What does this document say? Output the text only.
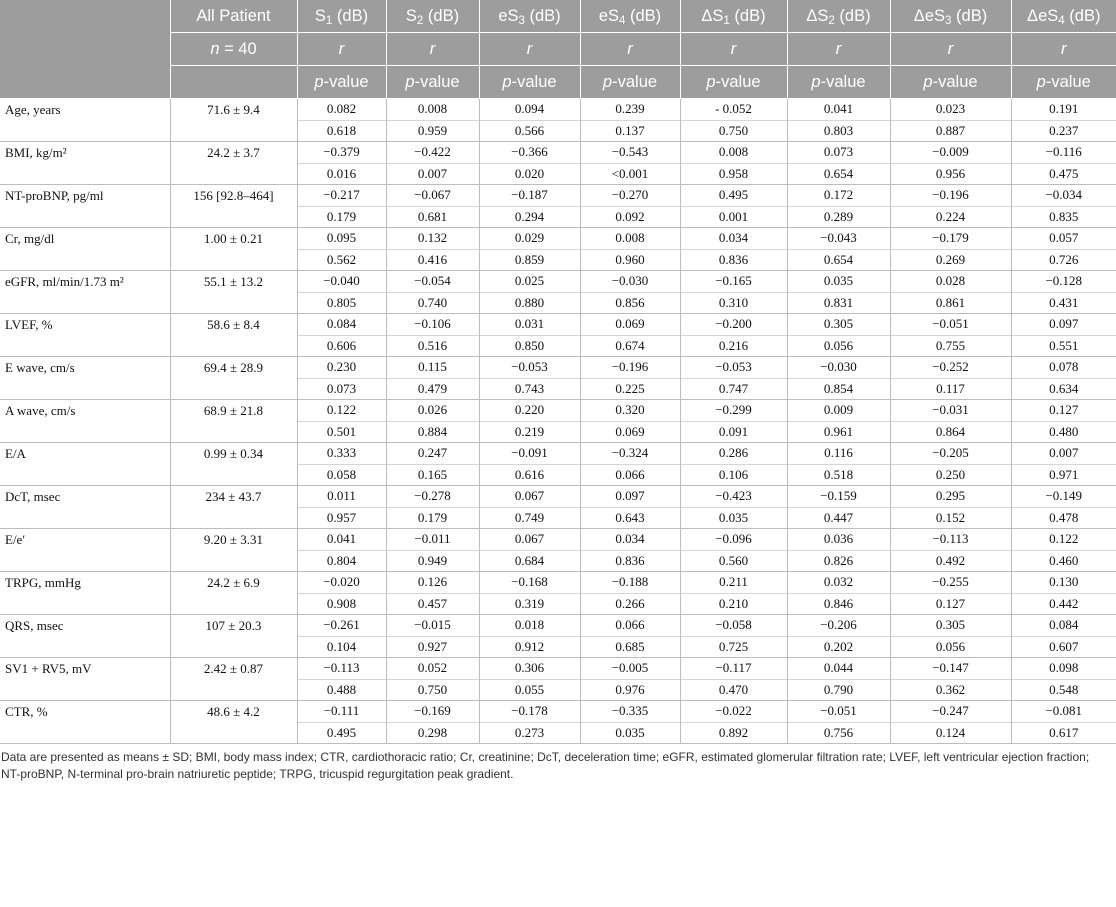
	All Patient	$S_1$ (dB)	$S_2$ (dB)	$eS_3$ (dB)	$eS_4$ (dB)	$\Delta S_1$ (dB)	$\Delta S_2$ (dB)	ΔeS$_3$ (dB)	ΔeS$_4$ (dB)
	n = 40	r	r	r	r	r	r	r	r
		p-value	p-value	p-value	p-value	p-value	p-value	p-value	p-value
Age, years	71.6 ± 9.4	0.082	0.008	0.094	0.239	- 0.052	0.041	0.023	0.191
		0.618	0.959	0.566	0.137	0.750	0.803	0.887	0.237
BMI, kg/m²	24.2 ± 3.7	−0.379	−0.422	−0.366	−0.543	0.008	0.073	−0.009	−0.116
		0.016	0.007	0.020	<0.001	0.958	0.654	0.956	0.475
NT-proBNP, pg/ml	156 [92.8–464]	−0.217	−0.067	−0.187	−0.270	0.495	0.172	−0.196	−0.034
		0.179	0.681	0.294	0.092	0.001	0.289	0.224	0.835
Cr, mg/dl	1.00 ± 0.21	0.095	0.132	0.029	0.008	0.034	−0.043	−0.179	0.057
		0.562	0.416	0.859	0.960	0.836	0.654	0.269	0.726
eGFR, ml/min/1.73 m²	55.1 ± 13.2	−0.040	−0.054	0.025	−0.030	−0.165	0.035	0.028	−0.128
		0.805	0.740	0.880	0.856	0.310	0.831	0.861	0.431
LVEF, %	58.6 ± 8.4	0.084	−0.106	0.031	0.069	−0.200	0.305	−0.051	0.097
		0.606	0.516	0.850	0.674	0.216	0.056	0.755	0.551
E wave, cm/s	69.4 ± 28.9	0.230	0.115	−0.053	−0.196	−0.053	−0.030	−0.252	0.078
		0.073	0.479	0.743	0.225	0.747	0.854	0.117	0.634
A wave, cm/s	68.9 ± 21.8	0.122	0.026	0.220	0.320	−0.299	0.009	−0.031	0.127
		0.501	0.884	0.219	0.069	0.091	0.961	0.864	0.480
E/A	0.99 ± 0.34	0.333	0.247	−0.091	−0.324	0.286	0.116	−0.205	0.007
		0.058	0.165	0.616	0.066	0.106	0.518	0.250	0.971
DcT, msec	234 ± 43.7	0.011	−0.278	0.067	0.097	−0.423	−0.159	0.295	−0.149
		0.957	0.179	0.749	0.643	0.035	0.447	0.152	0.478
E/e′	9.20 ± 3.31	0.041	−0.011	0.067	0.034	−0.096	0.036	−0.113	0.122
		0.804	0.949	0.684	0.836	0.560	0.826	0.492	0.460
TRPG, mmHg	24.2 ± 6.9	−0.020	0.126	−0.168	−0.188	0.211	0.032	−0.255	0.130
		0.908	0.457	0.319	0.266	0.210	0.846	0.127	0.442
QRS, msec	107 ± 20.3	−0.261	−0.015	0.018	0.066	−0.058	−0.206	0.305	0.084
		0.104	0.927	0.912	0.685	0.725	0.202	0.056	0.607
SV1 + RV5, mV	2.42 ± 0.87	−0.113	0.052	0.306	−0.005	−0.117	0.044	−0.147	0.098
		0.488	0.750	0.055	0.976	0.470	0.790	0.362	0.548
CTR, %	48.6 ± 4.2	−0.111	−0.169	−0.178	−0.335	−0.022	−0.051	−0.247	−0.081
		0.495	0.298	0.273	0.035	0.892	0.756	0.124	0.617
Data are presented as means ± SD; BMI, body mass index; CTR, cardiothoracic ratio; Cr, creatinine; DcT, deceleration time; eGFR, estimated glomerular filtration rate; LVEF, left ventricular ejection fraction; NT-proBNP, N-terminal pro-brain natriuretic peptide; TRPG, tricuspid regurgitation peak gradient.
